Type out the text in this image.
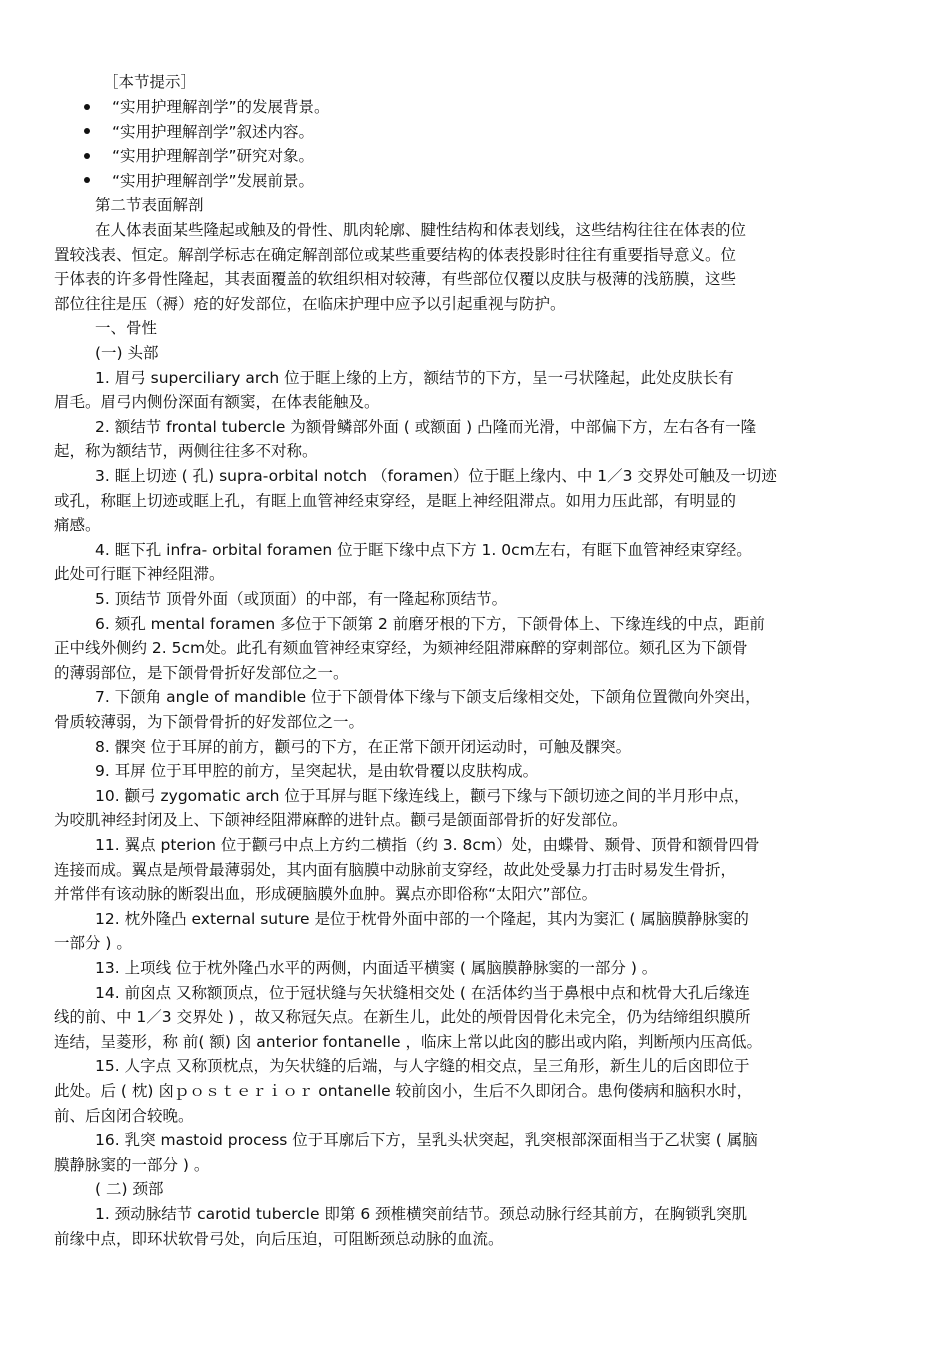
［本节提示］
“实用护理解剖学”的发展背景。
“实用护理解剖学”叙述内容。
“实用护理解剖学”研究对象。
“实用护理解剖学”发展前景。
第二节表面解剖
在人体表面某些隆起或触及的骨性、肌肉轮廓、腱性结构和体表划线，这些结构往往在体表的位
置较浅表、恒定。解剖学标志在确定解剖部位或某些重要结构的体表投影时往往有重要指导意义。位
于体表的许多骨性隆起，其表面覆盖的软组织相对较薄，有些部位仅覆以皮肤与极薄的浅筋膜，这些
部位往往是压（褥）疮的好发部位，在临床护理中应予以引起重视与防护。
一、骨性
(一) 头部
1. 眉弓 superciliary arch 位于眶上缘的上方，额结节的下方，呈一弓状隆起，此处皮肤长有
眉毛。眉弓内侧份深面有额窦，在体表能触及。
2. 额结节 frontal tubercle 为额骨鳞部外面 ( 或额面 ) 凸隆而光滑，中部偏下方，左右各有一隆
起，称为额结节，两侧往往多不对称。
3. 眶上切迹 ( 孔) supra-orbital notch （foramen）位于眶上缘内、中 1／3 交界处可触及一切迹
或孔，称眶上切迹或眶上孔，有眶上血管神经束穿经，是眶上神经阻滞点。如用力压此部，有明显的
痛感。
4. 眶下孔 infra- orbital foramen 位于眶下缘中点下方 1. 0cm左右，有眶下血管神经束穿经。
此处可行眶下神经阻滞。
5. 顶结节 顶骨外面（或顶面）的中部，有一隆起称顶结节。
6. 颏孔 mental foramen 多位于下颌第 2 前磨牙根的下方，下颌骨体上、下缘连线的中点，距前
正中线外侧约 2. 5cm处。此孔有颏血管神经束穿经，为颏神经阻滞麻醉的穿刺部位。颏孔区为下颌骨
的薄弱部位，是下颌骨骨折好发部位之一。
7. 下颌角 angle of mandible 位于下颌骨体下缘与下颌支后缘相交处，下颌角位置微向外突出，
骨质较薄弱，为下颌骨骨折的好发部位之一。
8. 髁突 位于耳屏的前方，颧弓的下方，在正常下颌开闭运动时，可触及髁突。
9. 耳屏 位于耳甲腔的前方，呈突起状，是由软骨覆以皮肤构成。
10. 颧弓 zygomatic arch 位于耳屏与眶下缘连线上，颧弓下缘与下颌切迹之间的半月形中点，
为咬肌神经封闭及上、下颌神经阻滞麻醉的进针点。颧弓是颌面部骨折的好发部位。
11. 翼点 pterion 位于颧弓中点上方约二横指（约 3. 8cm）处，由蝶骨、颞骨、顶骨和额骨四骨
连接而成。翼点是颅骨最薄弱处，其内面有脑膜中动脉前支穿经，故此处受暴力打击时易发生骨折，
并常伴有该动脉的断裂出血，形成硬脑膜外血肿。翼点亦即俗称“太阳穴”部位。
12. 枕外隆凸 external suture 是位于枕骨外面中部的一个隆起，其内为窦汇 ( 属脑膜静脉窦的
一部分 ) 。
13. 上项线 位于枕外隆凸水平的两侧，内面适平横窦 ( 属脑膜静脉窦的一部分 ) 。
14. 前囟点 又称额顶点，位于冠状缝与矢状缝相交处 ( 在活体约当于鼻根中点和枕骨大孔后缘连
线的前、中 1／3 交界处 ) ，故又称冠矢点。在新生儿，此处的颅骨因骨化未完全，仍为结缔组织膜所
连结，呈菱形，称 前( 额) 囟 anterior fontanelle ，临床上常以此囟的膨出或内陷，判断颅内压高低。
15. 人字点 又称顶枕点，为矢状缝的后端，与人字缝的相交点，呈三角形，新生儿的后囟即位于
此处。后 ( 枕) 囟ｐｏｓｔｅｒｉｏｒ ontanelle 较前囟小，生后不久即闭合。患佝偻病和脑积水时，
前、后囟闭合较晚。
16. 乳突 mastoid process 位于耳廓后下方，呈乳头状突起，乳突根部深面相当于乙状窦 ( 属脑
膜静脉窦的一部分 ) 。
( 二) 颈部
1. 颈动脉结节 carotid tubercle 即第 6 颈椎横突前结节。颈总动脉行经其前方，在胸锁乳突肌
前缘中点，即环状软骨弓处，向后压迫，可阻断颈总动脉的血流。
